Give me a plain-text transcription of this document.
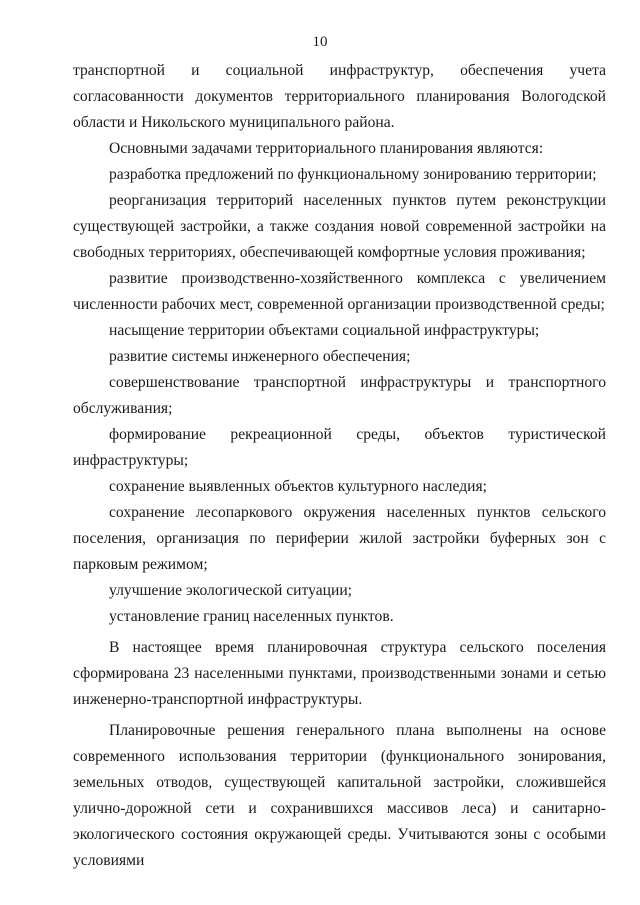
10

транспортной и социальной инфраструктур, обеспечения учета согласованности документов территориального планирования Вологодской области и Никольского муниципального района.

Основными задачами территориального планирования являются:

разработка предложений по функциональному зонированию территории;

реорганизация территорий населенных пунктов путем реконструкции существующей застройки, а также создания новой современной застройки на свободных территориях, обеспечивающей комфортные условия проживания;

развитие производственно-хозяйственного комплекса с увеличением численности рабочих мест, современной организации производственной среды;

насыщение территории объектами социальной инфраструктуры;

развитие системы инженерного обеспечения;

совершенствование транспортной инфраструктуры и транспортного обслуживания;

формирование рекреационной среды, объектов туристической инфраструктуры;

сохранение выявленных объектов культурного наследия;

сохранение лесопаркового окружения населенных пунктов сельского поселения, организация по периферии жилой застройки буферных зон с парковым режимом;

улучшение экологической ситуации;

установление границ населенных пунктов.

В настоящее время планировочная структура сельского поселения сформирована 23 населенными пунктами, производственными зонами и сетью инженерно-транспортной инфраструктуры.

Планировочные решения генерального плана выполнены на основе современного использования территории (функционального зонирования, земельных отводов, существующей капитальной застройки, сложившейся улично-дорожной сети и сохранившихся массивов леса) и санитарно-экологического состояния окружающей среды. Учитываются зоны с особыми условиями
